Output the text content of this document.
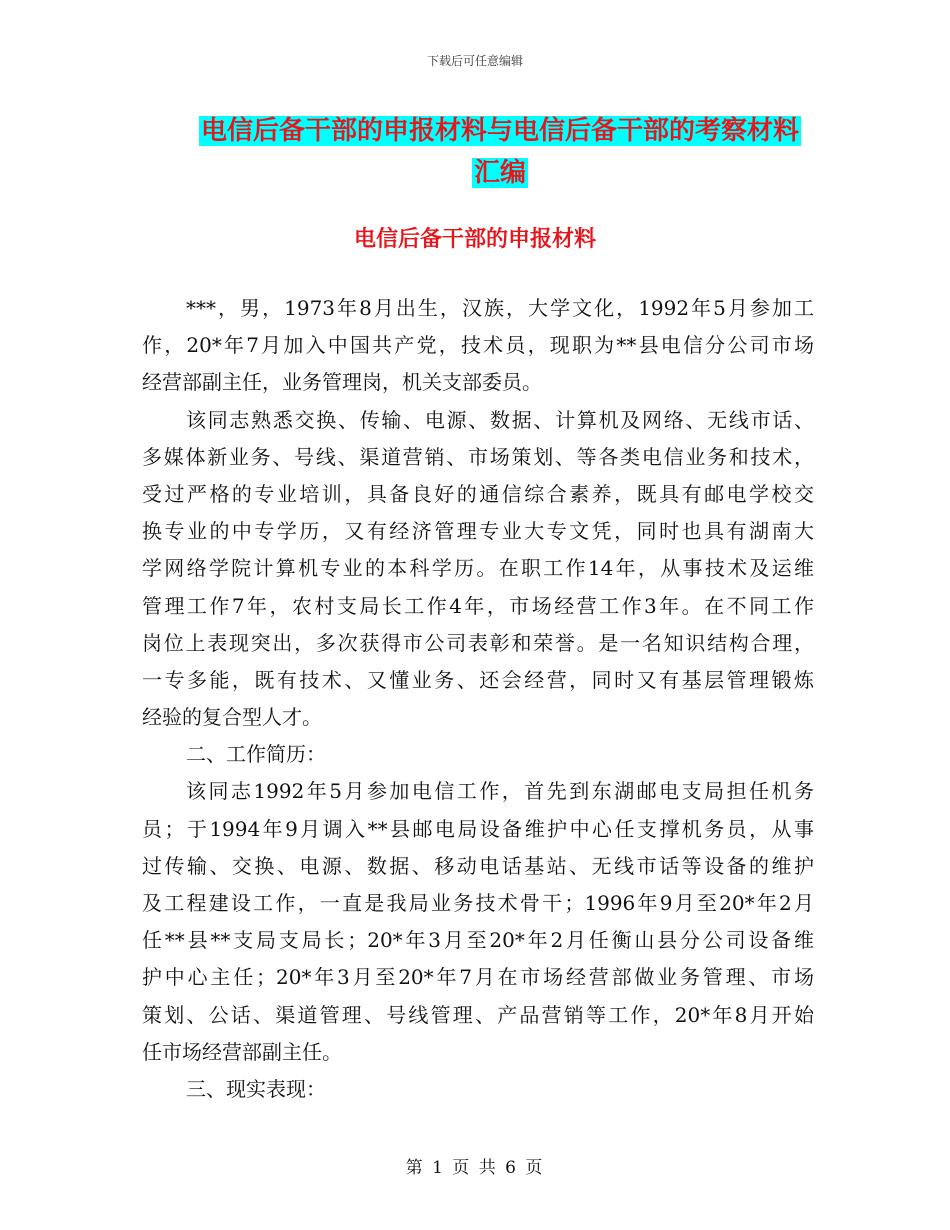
下载后可任意编辑
电信后备干部的申报材料与电信后备干部的考察材料
汇编
电信后备干部的申报材料
***，男，1973年8月出生，汉族，大学文化，1992年5月参加工
作，20*年7月加入中国共产党，技术员，现职为**县电信分公司市场
经营部副主任，业务管理岗，机关支部委员。
该同志熟悉交换、传输、电源、数据、计算机及网络、无线市话、
多媒体新业务、号线、渠道营销、市场策划、等各类电信业务和技术，
受过严格的专业培训，具备良好的通信综合素养，既具有邮电学校交
换专业的中专学历，又有经济管理专业大专文凭，同时也具有湖南大
学网络学院计算机专业的本科学历。在职工作14年，从事技术及运维
管理工作7年，农村支局长工作4年，市场经营工作3年。在不同工作
岗位上表现突出，多次获得市公司表彰和荣誉。是一名知识结构合理，
一专多能，既有技术、又懂业务、还会经营，同时又有基层管理锻炼
经验的复合型人才。
二、工作简历：
该同志1992年5月参加电信工作，首先到东湖邮电支局担任机务
员；于1994年9月调入**县邮电局设备维护中心任支撑机务员，从事
过传输、交换、电源、数据、移动电话基站、无线市话等设备的维护
及工程建设工作，一直是我局业务技术骨干；1996年9月至20*年2月
任**县**支局支局长；20*年3月至20*年2月任衡山县分公司设备维
护中心主任；20*年3月至20*年7月在市场经营部做业务管理、市场
策划、公话、渠道管理、号线管理、产品营销等工作，20*年8月开始
任市场经营部副主任。
三、现实表现：
第 1 页 共 6 页
